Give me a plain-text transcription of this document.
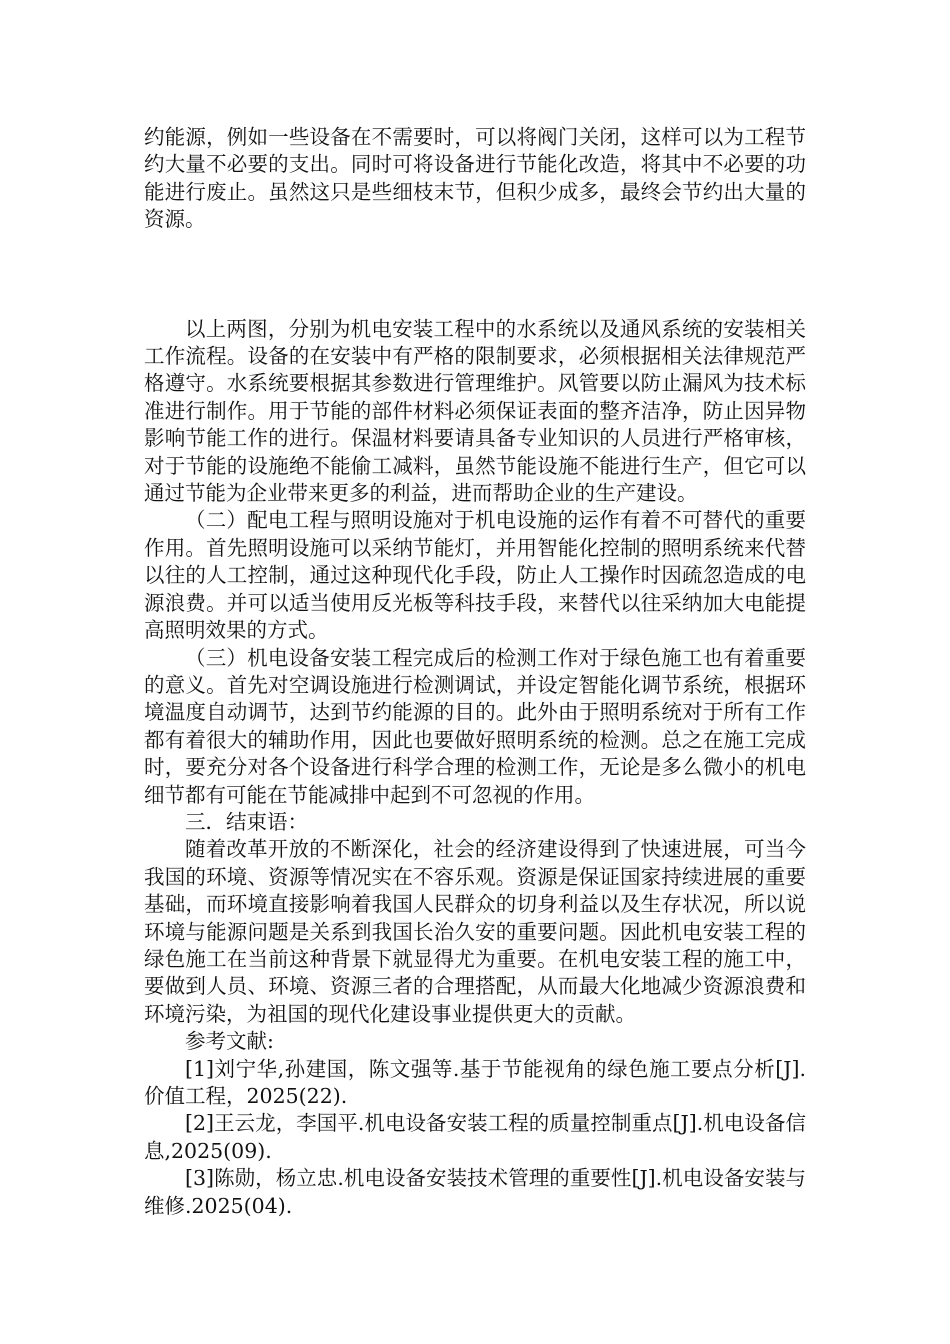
约能源，例如一些设备在不需要时，可以将阀门关闭，这样可以为工程节约大量不必要的支出。同时可将设备进行节能化改造，将其中不必要的功能进行废止。虽然这只是些细枝末节，但积少成多，最终会节约出大量的资源。

以上两图，分别为机电安装工程中的水系统以及通风系统的安装相关工作流程。设备的在安装中有严格的限制要求，必须根据相关法律规范严格遵守。水系统要根据其参数进行管理维护。风管要以防止漏风为技术标准进行制作。用于节能的部件材料必须保证表面的整齐洁净，防止因异物影响节能工作的进行。保温材料要请具备专业知识的人员进行严格审核，对于节能的设施绝不能偷工减料，虽然节能设施不能进行生产，但它可以通过节能为企业带来更多的利益，进而帮助企业的生产建设。

（二）配电工程与照明设施对于机电设施的运作有着不可替代的重要作用。首先照明设施可以采纳节能灯，并用智能化控制的照明系统来代替以往的人工控制，通过这种现代化手段，防止人工操作时因疏忽造成的电源浪费。并可以适当使用反光板等科技手段，来替代以往采纳加大电能提高照明效果的方式。

（三）机电设备安装工程完成后的检测工作对于绿色施工也有着重要的意义。首先对空调设施进行检测调试，并设定智能化调节系统，根据环境温度自动调节，达到节约能源的目的。此外由于照明系统对于所有工作都有着很大的辅助作用，因此也要做好照明系统的检测。总之在施工完成时，要充分对各个设备进行科学合理的检测工作，无论是多么微小的机电细节都有可能在节能减排中起到不可忽视的作用。

三．结束语：

随着改革开放的不断深化，社会的经济建设得到了快速进展，可当今我国的环境、资源等情况实在不容乐观。资源是保证国家持续进展的重要基础，而环境直接影响着我国人民群众的切身利益以及生存状况，所以说环境与能源问题是关系到我国长治久安的重要问题。因此机电安装工程的绿色施工在当前这种背景下就显得尤为重要。在机电安装工程的施工中，要做到人员、环境、资源三者的合理搭配，从而最大化地减少资源浪费和环境污染，为祖国的现代化建设事业提供更大的贡献。

参考文献:

[1]刘宁华,孙建国，陈文强等.基于节能视角的绿色施工要点分析[J].价值工程，2025(22).

[2]王云龙，李国平.机电设备安装工程的质量控制重点[J].机电设备信息,2025(09).

[3]陈勋，杨立忠.机电设备安装技术管理的重要性[J].机电设备安装与维修.2025(04).
